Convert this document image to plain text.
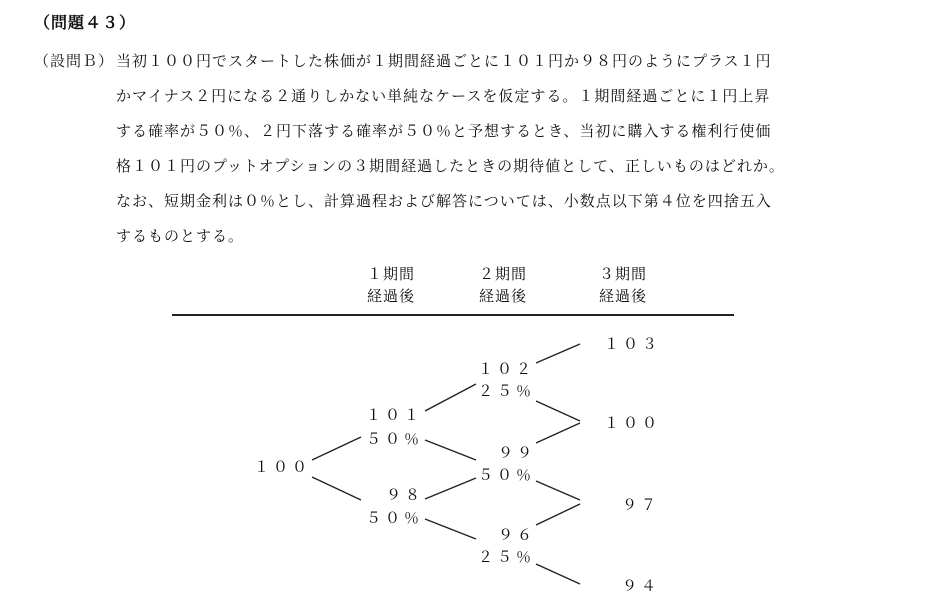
（問題４３）
（設問Ｂ） 当初１００円でスタートした株価が１期間経過ごとに１０１円か９８円のようにプラス１円
かマイナス２円になる２通りしかない単純なケースを仮定する。１期間経過ごとに１円上昇
する確率が５０％、２円下落する確率が５０％と予想するとき、当初に購入する権利行使価
格１０１円のプットオプションの３期間経過したときの期待値として、正しいものはどれか。
なお、短期金利は０％とし、計算過程および解答については、小数点以下第４位を四捨五入
するものとする。
１期間
経過後
２期間
経過後
３期間
経過後
１００
１０１
５０％
９８
５０％
１０２
２５％
９９
５０％
９６
２５％
１０３
１００
９７
９４
